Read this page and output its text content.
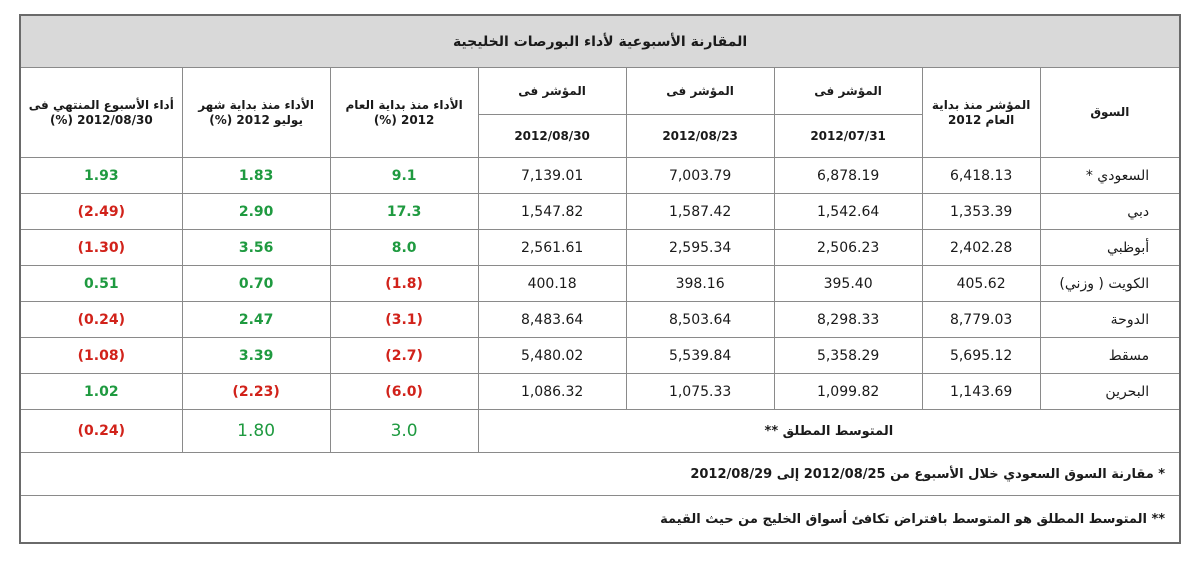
المقارنة الأسبوعية لأداء البورصات الخليجية							
السوق	المؤشر منذ بداية العام 2012	المؤشر فى	المؤشر فى	المؤشر فى	الأداء منذ بداية العام 2012 (%)	الأداء منذ بداية شهر يوليو 2012 (%)	أداء الأسبوع المنتهي فى 2012/08/30 (%)
		2012/07/31	2012/08/23	2012/08/30			
السعودي *	6,418.13	6,878.19	7,003.79	7,139.01	9.1	1.83	1.93
دبي	1,353.39	1,542.64	1,587.42	1,547.82	17.3	2.90	(2.49)
أبوظبي	2,402.28	2,506.23	2,595.34	2,561.61	8.0	3.56	(1.30)
الكويت ( وزني)	405.62	395.40	398.16	400.18	(1.8)	0.70	0.51
الدوحة	8,779.03	8,298.33	8,503.64	8,483.64	(3.1)	2.47	(0.24)
مسقط	5,695.12	5,358.29	5,539.84	5,480.02	(2.7)	3.39	(1.08)
البحرين	1,143.69	1,099.82	1,075.33	1,086.32	(6.0)	(2.23)	1.02
المتوسط المطلق **					3.0	1.80	(0.24)
* مقارنة السوق السعودي خلال الأسبوع من 2012/08/25 إلى 2012/08/29							
** المتوسط المطلق هو المتوسط بافتراض تكافئ أسواق الخليج من حيث القيمة							
